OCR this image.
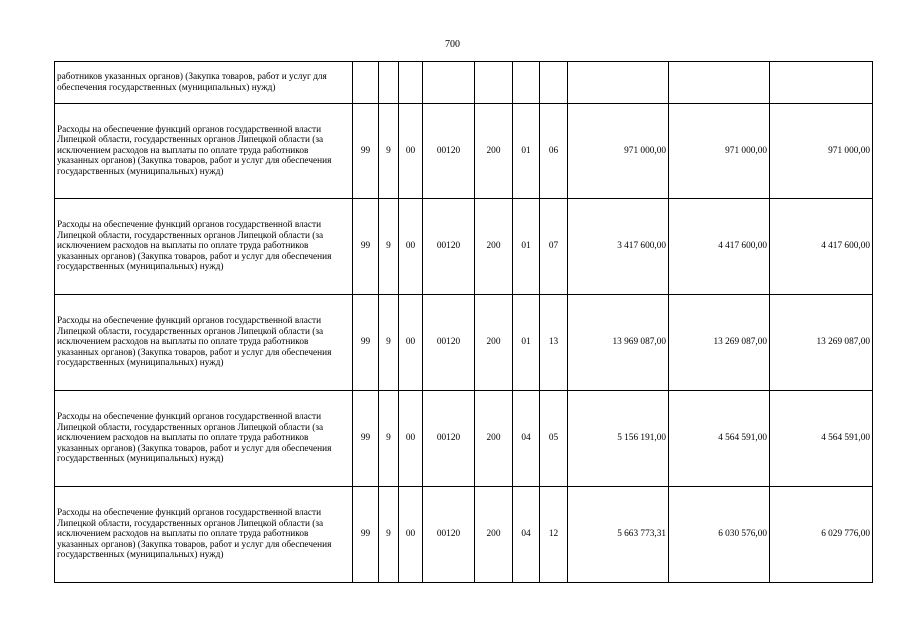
700
работников указанных органов) (Закупка товаров, работ и услуг для обеспечения государственных (муниципальных) нужд)										
Расходы на обеспечение функций органов государственной власти Липецкой области, государственных органов Липецкой области (за исключением расходов на выплаты по оплате труда работников указанных органов) (Закупка товаров, работ и услуг для обеспечения государственных (муниципальных) нужд)	99	9	00	00120	200	01	06	971 000,00	971 000,00	971 000,00
Расходы на обеспечение функций органов государственной власти Липецкой области, государственных органов Липецкой области (за исключением расходов на выплаты по оплате труда работников указанных органов) (Закупка товаров, работ и услуг для обеспечения государственных (муниципальных) нужд)	99	9	00	00120	200	01	07	3 417 600,00	4 417 600,00	4 417 600,00
Расходы на обеспечение функций органов государственной власти Липецкой области, государственных органов Липецкой области (за исключением расходов на выплаты по оплате труда работников указанных органов) (Закупка товаров, работ и услуг для обеспечения государственных (муниципальных) нужд)	99	9	00	00120	200	01	13	13 969 087,00	13 269 087,00	13 269 087,00
Расходы на обеспечение функций органов государственной власти Липецкой области, государственных органов Липецкой области (за исключением расходов на выплаты по оплате труда работников указанных органов) (Закупка товаров, работ и услуг для обеспечения государственных (муниципальных) нужд)	99	9	00	00120	200	04	05	5 156 191,00	4 564 591,00	4 564 591,00
Расходы на обеспечение функций органов государственной власти Липецкой области, государственных органов Липецкой области (за исключением расходов на выплаты по оплате труда работников указанных органов) (Закупка товаров, работ и услуг для обеспечения государственных (муниципальных) нужд)	99	9	00	00120	200	04	12	5 663 773,31	6 030 576,00	6 029 776,00
